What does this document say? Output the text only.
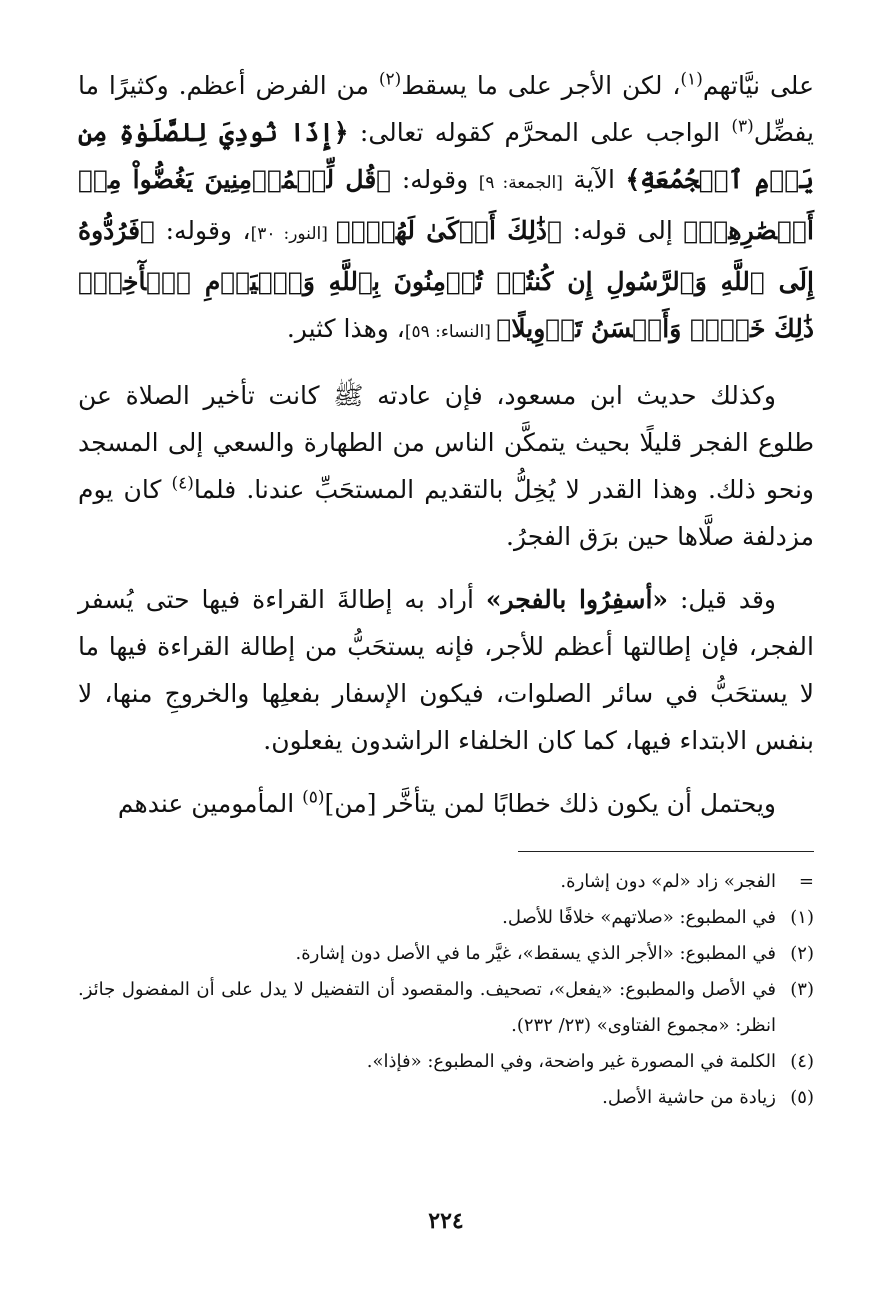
على نيَّاتهم$^{(١)}$، لكن الأجر على ما يسقط$^{(٢)}$ من الفرض أعظم. وكثيرًا ما يفضِّل$^{(٣)}$ الواجب على المحرَّم كقوله تعالى: ﴿إِذَا نُودِيَ لِلصَّلَوٰةِ مِن يَوۡمِ ٱلۡجُمُعَةِ﴾ الآية [الجمعة: ٩] وقوله: ﴿قُل لِّلۡمُؤۡمِنِينَ يَغُضُّواْ مِنۡ أَبۡصَٰرِهِمۡ﴾ إلى قوله: ﴿ذَٰلِكَ أَزۡكَىٰ لَهُمۡۚ﴾ [النور: ٣٠]، وقوله: ﴿فَرُدُّوهُ إِلَى ٱللَّهِ وَٱلرَّسُولِ إِن كُنتُمۡ تُؤۡمِنُونَ بِٱللَّهِ وَٱلۡيَوۡمِ ٱلۡأٓخِرِۚ ذَٰلِكَ خَيۡرٞ وَأَحۡسَنُ تَأۡوِيلًا﴾ [النساء: ٥٩]، وهذا كثير.

وكذلك حديث ابن مسعود، فإن عادته ﷺ كانت تأخير الصلاة عن طلوع الفجر قليلًا بحيث يتمكَّن الناس من الطهارة والسعي إلى المسجد ونحو ذلك. وهذا القدر لا يُخِلُّ بالتقديم المستحَبِّ عندنا. فلما$^{(٤)}$ كان يوم مزدلفة صلَّاها حين برَق الفجرُ.

وقد قيل: «أسفِرُوا بالفجر» أراد به إطالةَ القراءة فيها حتى يُسفر الفجر، فإن إطالتها أعظم للأجر، فإنه يستحَبُّ من إطالة القراءة فيها ما لا يستحَبُّ في سائر الصلوات، فيكون الإسفار بفعلِها والخروجِ منها، لا بنفس الابتداء فيها، كما كان الخلفاء الراشدون يفعلون.

ويحتمل أن يكون ذلك خطابًا لمن يتأخَّر [من]$^{(٥)}$ المأمومين عندهم

=
الفجر» زاد «لم» دون إشارة.

(١)
في المطبوع: «صلاتهم» خلافًا للأصل.

(٢)
في المطبوع: «الأجر الذي يسقط»، غيَّر ما في الأصل دون إشارة.

(٣)
في الأصل والمطبوع: «يفعل»، تصحيف. والمقصود أن التفضيل لا يدل على أن المفضول جائز. انظر: «مجموع الفتاوى» (٢٣/ ٢٣٢).

(٤)
الكلمة في المصورة غير واضحة، وفي المطبوع: «فإذا».

(٥)
زيادة من حاشية الأصل.

٢٢٤
